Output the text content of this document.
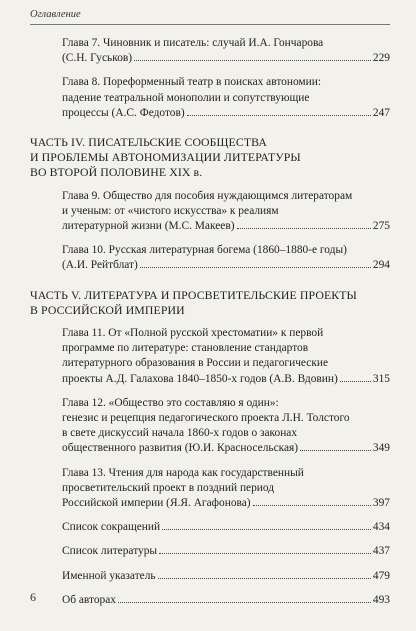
Оглавление
Глава 7. Чиновник и писатель: случай И.А. Гончарова
(С.Н. Гуськов)	229
Глава 8. Пореформенный театр в поисках автономии:
падение театральной монополии и сопутствующие
процессы (А.С. Федотов)	247
ЧАСТЬ IV. ПИСАТЕЛЬСКИЕ СООБЩЕСТВА
И ПРОБЛЕМЫ АВТОНОМИЗАЦИИ ЛИТЕРАТУРЫ
ВО ВТОРОЙ ПОЛОВИНЕ XIX в.
Глава 9. Общество для пособия нуждающимся литераторам
и ученым: от «чистого искусства» к реалиям
литературной жизни (М.С. Макеев)	275
Глава 10. Русская литературная богема (1860–1880-е годы)
(А.И. Рейтблат)	294
ЧАСТЬ V. ЛИТЕРАТУРА И ПРОСВЕТИТЕЛЬСКИЕ ПРОЕКТЫ
В РОССИЙСКОЙ ИМПЕРИИ
Глава 11. От «Полной русской хрестоматии» к первой
программе по литературе: становление стандартов
литературного образования в России и педагогические
проекты А.Д. Галахова 1840–1850-х годов (А.В. Вдовин)	315
Глава 12. «Общество это составляю я один»:
генезис и рецепция педагогического проекта Л.Н. Толстого
в свете дискуссий начала 1860-х годов о законах
общественного развития (Ю.И. Красносельская)	349
Глава 13. Чтения для народа как государственный
просветительский проект в поздний период
Российской империи (Я.Я. Агафонова)	397
Список сокращений	434
Список литературы	437
Именной указатель	479
Об авторах	493
6
